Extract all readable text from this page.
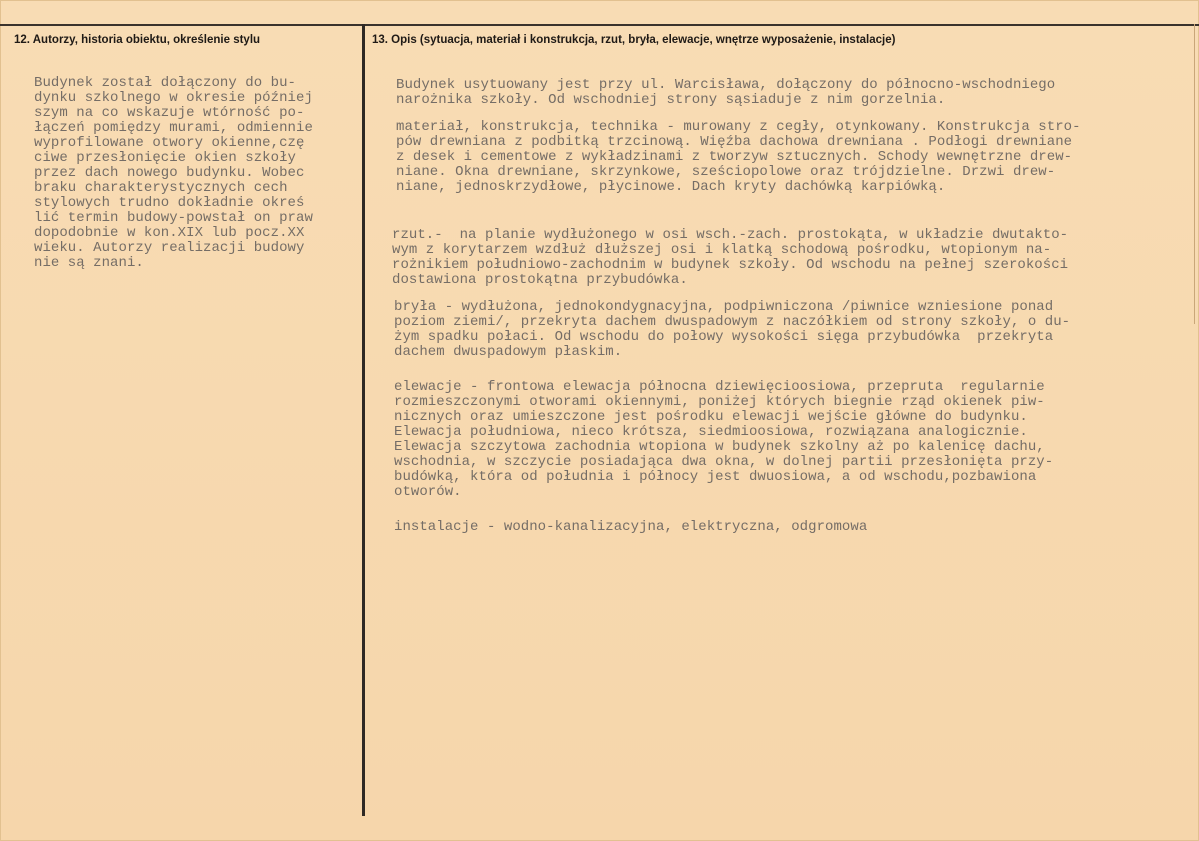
12. Autorzy, historia obiektu, określenie stylu	13. Opis (sytuacja, materiał i konstrukcja, rzut, bryła, elewacje, wnętrze wyposażenie, instalacje)
Budynek został dołączony do bu-
dynku szkolnego w okresie później
szym na co wskazuje wtórność po-
łączeń pomiędzy murami, odmiennie
wyprofilowane otwory okienne,czę
ciwe przesłonięcie okien szkoły
przez dach nowego budynku. Wobec
braku charakterystycznych cech
stylowych trudno dokładnie okreś
lić termin budowy-powstał on praw
dopodobnie w kon.XIX lub pocz.XX
wieku. Autorzy realizacji budowy
nie są znani.
Budynek usytuowany jest przy ul. Warcisława, dołączony do północno-wschodniego
narożnika szkoły. Od wschodniej strony sąsiaduje z nim gorzelnia.
materiał, konstrukcja, technika - murowany z cegły, otynkowany. Konstrukcja stro-
pów drewniana z podbitką trzcinową. Więźba dachowa drewniana . Podłogi drewniane
z desek i cementowe z wykładzinami z tworzyw sztucznych. Schody wewnętrzne drew-
niane. Okna drewniane, skrzynkowe, sześciopolowe oraz trójdzielne. Drzwi drew-
niane, jednoskrzydłowe, płycinowe. Dach kryty dachówką karpiówką.
rzut.-  na planie wydłużonego w osi wsch.-zach. prostokąta, w układzie dwutakto-
wym z korytarzem wzdłuż dłuższej osi i klatką schodową pośrodku, wtopionym na-
rożnikiem południowo-zachodnim w budynek szkoły. Od wschodu na pełnej szerokości
dostawiona prostokątna przybudówka.
bryła - wydłużona, jednokondygnacyjna, podpiwniczona /piwnice wzniesione ponad
poziom ziemi/, przekryta dachem dwuspadowym z naczółkiem od strony szkoły, o du-
żym spadku połaci. Od wschodu do połowy wysokości sięga przybudówka  przekryta
dachem dwuspadowym płaskim.
elewacje - frontowa elewacja północna dziewięcioosiowa, przepruta  regularnie
rozmieszczonymi otworami okiennymi, poniżej których biegnie rząd okienek piw-
nicznych oraz umieszczone jest pośrodku elewacji wejście główne do budynku.
Elewacja południowa, nieco krótsza, siedmioosiowa, rozwiązana analogicznie.
Elewacja szczytowa zachodnia wtopiona w budynek szkolny aż po kalenicę dachu,
wschodnia, w szczycie posiadająca dwa okna, w dolnej partii przesłonięta przy-
budówką, która od południa i północy jest dwuosiowa, a od wschodu,pozbawiona
otworów.
instalacje - wodno-kanalizacyjna, elektryczna, odgromowa
